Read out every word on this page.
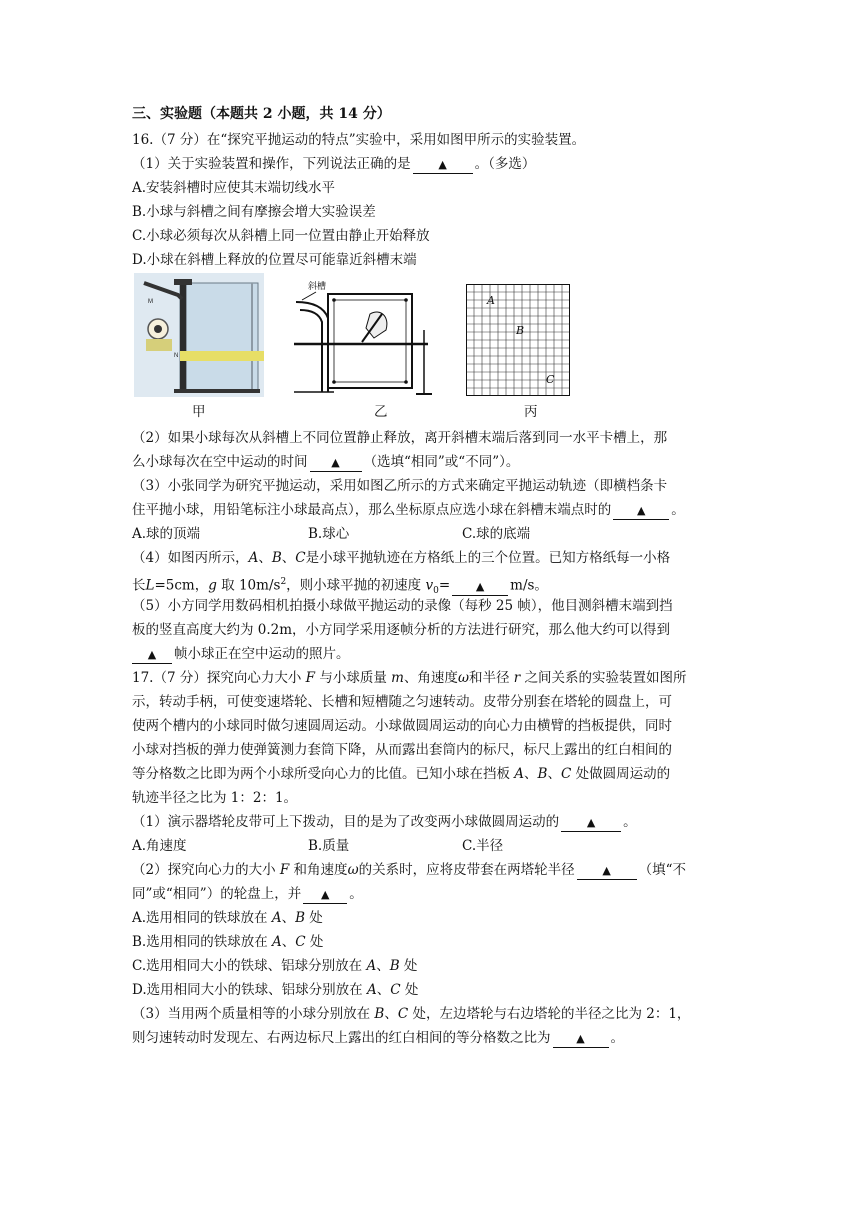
三、实验题（本题共 2 小题，共 14 分）
16.（7 分）在“探究平抛运动的特点”实验中，采用如图甲所示的实验装置。
（1）关于实验装置和操作，下列说法正确的是	▲ 。（多选）
A.安装斜槽时应使其末端切线水平
B.小球与斜槽之间有摩擦会增大实验误差
C.小球必须每次从斜槽上同一位置由静止开始释放
D.小球在斜槽上释放的位置尽可能靠近斜槽末端
M
N
斜槽
A
B
C
甲	乙	丙
（2）如果小球每次从斜槽上不同位置静止释放，离开斜槽末端后落到同一水平卡槽上，那
么小球每次在空中运动的时间 ▲ （选填“相同”或“不同”）。
（3）小张同学为研究平抛运动，采用如图乙所示的方式来确定平抛运动轨迹（即横档条卡
住平抛小球，用铅笔标注小球最高点），那么坐标原点应选小球在斜槽末端点时的 ▲ 。
A.球的顶端	B.球心	C.球的底端
（4）如图丙所示，A、B、C是小球平抛轨迹在方格纸上的三个位置。已知方格纸每一小格
长L=5cm，g 取 $10m/s^2$，则小球平抛的初速度 $v_0=$ ▲ m/s。
（5）小方同学用数码相机拍摄小球做平抛运动的录像（每秒 25 帧），他目测斜槽末端到挡
板的竖直高度大约为 0.2m，小方同学采用逐帧分析的方法进行研究，那么他大约可以得到
▲ 帧小球正在空中运动的照片。
17.（7 分）探究向心力大小 F 与小球质量 m、角速度ω和半径 r 之间关系的实验装置如图所
示，转动手柄，可使变速塔轮、长槽和短槽随之匀速转动。皮带分别套在塔轮的圆盘上，可
使两个槽内的小球同时做匀速圆周运动。小球做圆周运动的向心力由横臂的挡板提供，同时
小球对挡板的弹力使弹簧测力套筒下降，从而露出套筒内的标尺，标尺上露出的红白相间的
等分格数之比即为两个小球所受向心力的比值。已知小球在挡板 A、B、C 处做圆周运动的
轨迹半径之比为 1：2：1。
（1）演示器塔轮皮带可上下拨动，目的是为了改变两小球做圆周运动的	▲ 。
A.角速度	B.质量	C.半径
（2）探究向心力的大小 F 和角速度ω的关系时，应将皮带套在两塔轮半径	▲ （填“不
同”或“相同”）的轮盘上，并 ▲ 。
A.选用相同的铁球放在 A、B 处
B.选用相同的铁球放在 A、C 处
C.选用相同大小的铁球、铝球分别放在 A、B 处
D.选用相同大小的铁球、铝球分别放在 A、C 处
（3）当用两个质量相等的小球分别放在 B、C 处，左边塔轮与右边塔轮的半径之比为 2：1，
则匀速转动时发现左、右两边标尺上露出的红白相间的等分格数之比为 ▲ 。
